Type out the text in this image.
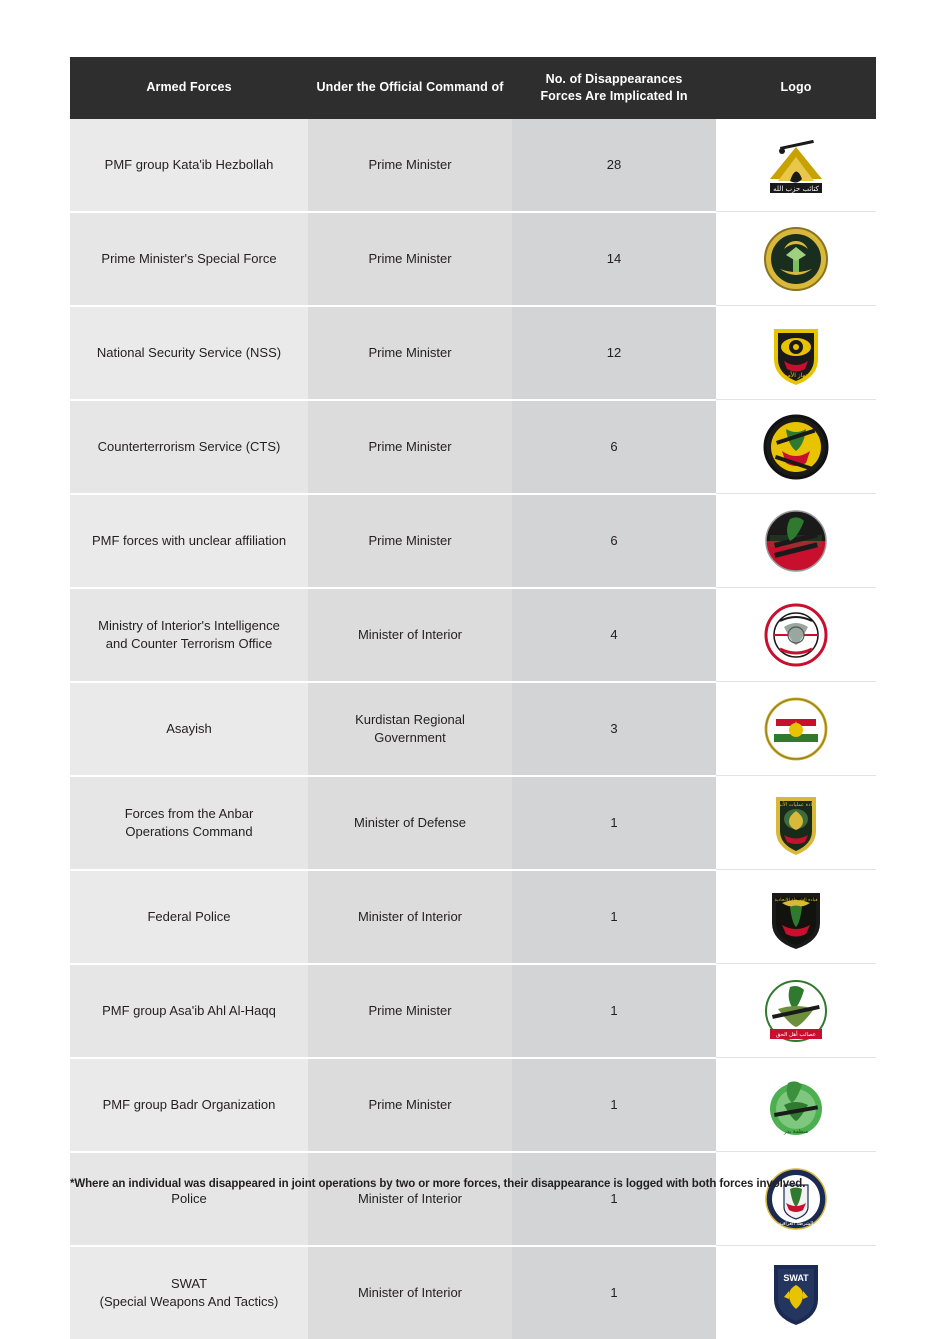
Armed Forces	Under the Official Command of	No. of Disappearances
Forces Are Implicated In	Logo
PMF group Kata'ib Hezbollah	Prime Minister	28	كتائب حزب الله

Prime Minister's Special Force	Prime Minister	14	

National Security Service (NSS)	Prime Minister	12	جهاز الأمن

Counterterrorism Service (CTS)	Prime Minister	6	

PMF forces with unclear affiliation	Prime Minister	6	

Ministry of Interior's Intelligence
and Counter Terrorism Office	Minister of Interior	4	

Asayish	Kurdistan Regional
Government	3	

Forces from the Anbar
Operations Command	Minister of Defense	1	قيادة عمليات الأنبار

Federal Police	Minister of Interior	1	قيادة الشرطة الاتحادية

PMF group Asa'ib Ahl Al-Haqq	Prime Minister	1	عصائب أهل الحق

PMF group Badr Organization	Prime Minister	1	منظمة بدر

Police	Minister of Interior	1	الشرطة العراقية

SWAT
(Special Weapons And Tactics)	Minister of Interior	1	SWAT
*Where an individual was disappeared in joint operations by two or more forces, their disappearance is logged with both forces involved.
